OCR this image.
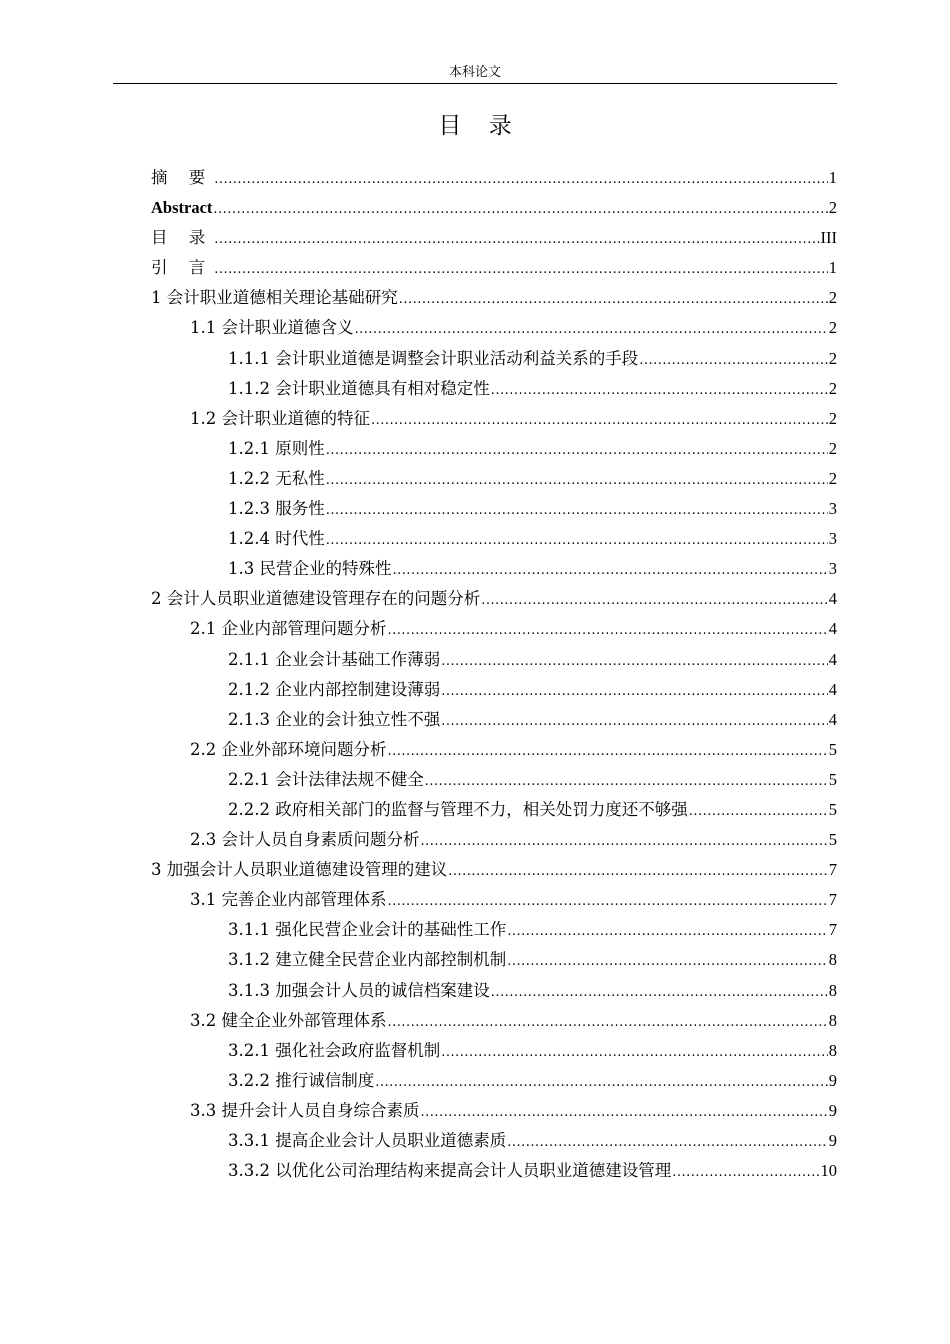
本科论文
目 录
摘 要 .....	1
Abstract .....	2
目 录 .....	III
引 言 .....	1
1 会计职业道德相关理论基础研究 .....	2
1.1 会计职业道德含义 .....	2
1.1.1 会计职业道德是调整会计职业活动利益关系的手段 .....	2
1.1.2 会计职业道德具有相对稳定性 .....	2
1.2 会计职业道德的特征 .....	2
1.2.1 原则性 .....	2
1.2.2 无私性 .....	2
1.2.3 服务性 .....	3
1.2.4 时代性 .....	3
1.3 民营企业的特殊性 .....	3
2 会计人员职业道德建设管理存在的问题分析 .....	4
2.1 企业内部管理问题分析 .....	4
2.1.1 企业会计基础工作薄弱 .....	4
2.1.2 企业内部控制建设薄弱 .....	4
2.1.3 企业的会计独立性不强 .....	4
2.2 企业外部环境问题分析 .....	5
2.2.1 会计法律法规不健全 .....	5
2.2.2 政府相关部门的监督与管理不力，相关处罚力度还不够强 .....	5
2.3 会计人员自身素质问题分析 .....	5
3 加强会计人员职业道德建设管理的建议 .....	7
3.1 完善企业内部管理体系 .....	7
3.1.1 强化民营企业会计的基础性工作 .....	7
3.1.2 建立健全民营企业内部控制机制 .....	8
3.1.3 加强会计人员的诚信档案建设 .....	8
3.2 健全企业外部管理体系 .....	8
3.2.1 强化社会政府监督机制 .....	8
3.2.2 推行诚信制度 .....	9
3.3 提升会计人员自身综合素质 .....	9
3.3.1 提高企业会计人员职业道德素质 .....	9
3.3.2 以优化公司治理结构来提高会计人员职业道德建设管理 .....	10
